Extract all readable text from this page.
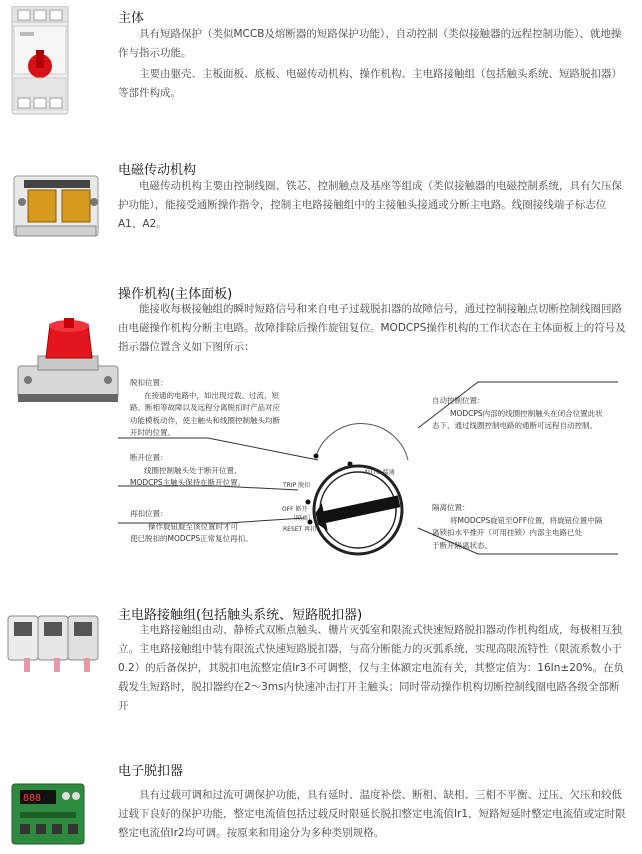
主体

具有短路保护（类似MCCB及熔断器的短路保护功能）、自动控制（类似接触器的远程控制功能）、就地操作与指示功能。

主要由躯壳、主板面板、底板、电磁传动机构、操作机构、主电路接触组（包括触头系统、短路脱扣器）等部件构成。

电磁传动机构

电磁传动机构主要由控制线圈、铁芯、控制触点及基座等组成（类似接触器的电磁控制系统，具有欠压保护功能），能接受通断操作指令，控制主电路接触组中的主接触头接通或分断主电路。线圈接线端子标志位A1、A2。

操作机构(主体面板)

能接收每极接触组的瞬时短路信号和来自电子过载脱扣器的故障信号，通过控制接触点切断控制线圈回路由电磁操作机构分断主电路。故障排除后操作旋钮复位。MODCPS操作机构的工作状态在主体面板上的符号及指示器位置含义如下图所示：

TRIP 脱扣
AUTO 接通
OFF 断开
（隔离）
RESET 再扣
脱扣位置：
在接通的电路中，如出现过载、过流、短
路、断相等故障以及远程分离脱扣时产品对应
功能模板动作，使主触头和线圈控制触头均断
开时的位置。
断开位置：
线圈控制触头处于断开位置,
MODCPS主触头保持在断开位置。
再扣位置：
操作旋钮旋至该位置时才可
使已脱扣的MODCPS正常复位再扣。
自动控制位置：
MODCPS内部的线圈控制触头在闭合位置此状
态下，通过线圈控制电路的通断可远程自动控制。
隔离位置：
将MODCPS旋钮至OFF位置，将旋钮位置中隔
离锁扣水平推开（可用挂锁）内部主电路已处
于断开隔离状态。
主电路接触组(包括触头系统、短路脱扣器)

主电路接触组由动、静桥式双断点触头、栅片灭弧室和限流式快速短路脱扣器动作机构组成，每极相互独立。主电路接触组中装有限流式快速短路脱扣器，与高分断能力的灭弧系统，实现高限流特性（限流系数小于0.2）的后备保护，其脱扣电流整定值Ir3不可调整，仅与主体额定电流有关，其整定值为：16In±20%。在负载发生短路时，脱扣器约在2～3ms内快速冲击打开主触头；同时带动操作机构切断控制线圈电路各级全部断开

888
电子脱扣器

具有过载可调和过流可调保护功能，具有延时、温度补偿、断相、缺相、三相不平衡、过压、欠压和较低过载下良好的保护功能，整定电流值包括过载反时限延长脱扣整定电流值Ir1，短路短延时整定电流值或定时限整定电流值Ir2均可调。按原来和用途分为多种类别规格。
